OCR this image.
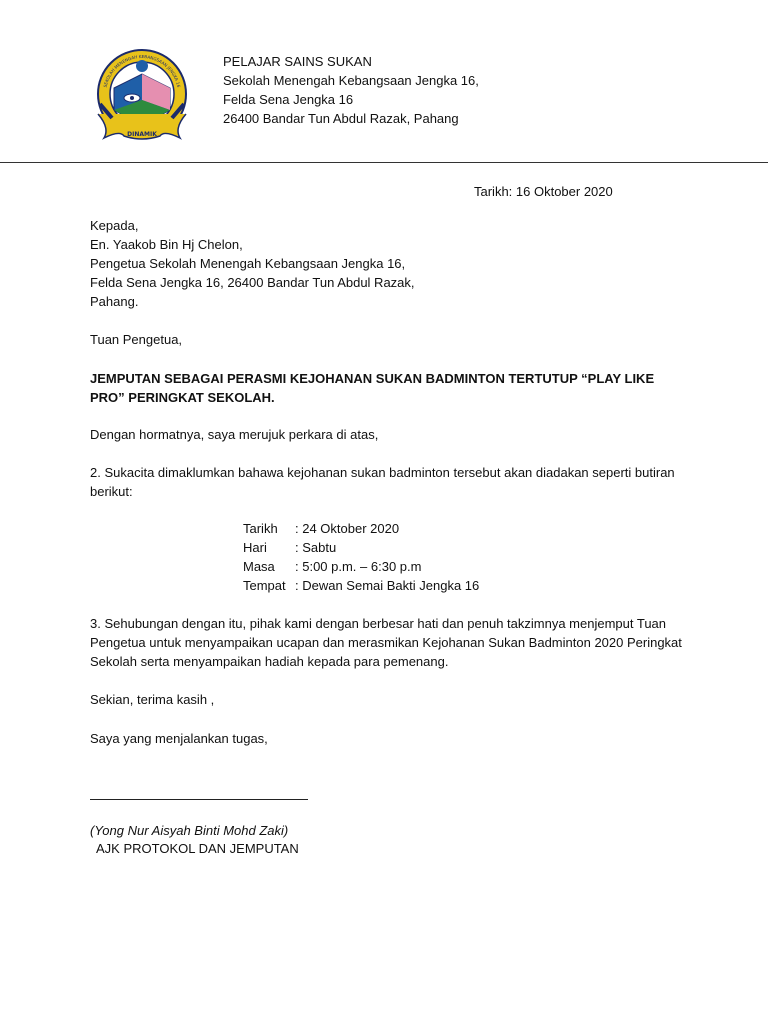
DINAMIK
SEKOLAH MENENGAH KEBANGSAAN JENGKA 16
PELAJAR SAINS SUKAN
Sekolah Menengah Kebangsaan Jengka 16,
Felda Sena Jengka 16
26400 Bandar Tun Abdul Razak, Pahang
Tarikh: 16 Oktober 2020
Kepada,
En. Yaakob Bin Hj Chelon,
Pengetua Sekolah Menengah Kebangsaan Jengka 16,
Felda Sena Jengka 16, 26400 Bandar Tun Abdul Razak,
Pahang.
Tuan Pengetua,
JEMPUTAN SEBAGAI PERASMI KEJOHANAN SUKAN BADMINTON TERTUTUP “PLAY LIKE PRO” PERINGKAT SEKOLAH.
Dengan hormatnya, saya merujuk perkara di atas,
2. Sukacita dimaklumkan bahawa kejohanan sukan badminton tersebut akan diadakan seperti butiran berikut:
Tarikh	: 24 Oktober 2020
Hari	: Sabtu
Masa	: 5:00 p.m. – 6:30 p.m
Tempat : Dewan Semai Bakti Jengka 16
3. Sehubungan dengan itu, pihak kami dengan berbesar hati dan penuh takzimnya menjemput Tuan Pengetua untuk menyampaikan ucapan dan merasmikan Kejohanan Sukan Badminton 2020 Peringkat Sekolah serta menyampaikan hadiah kepada para pemenang.
Sekian, terima kasih ,
Saya yang menjalankan tugas,
(Yong Nur Aisyah Binti Mohd Zaki)
AJK PROTOKOL DAN JEMPUTAN
